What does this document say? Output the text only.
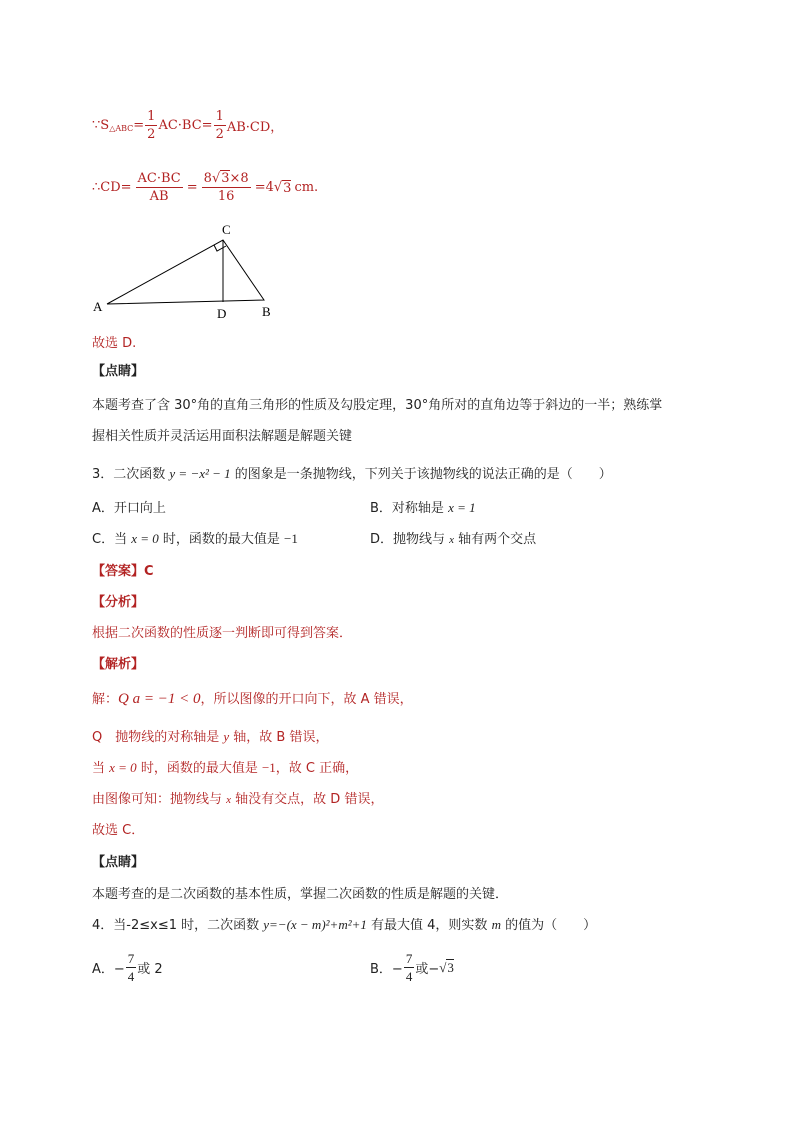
∵S △ABC = $\frac{1}{2} AC\cdot BC= \frac{1}{2} AB\cdot CD$，
∴CD= $\frac{AC\cdot BC}{AB} = \frac{8√3\times 8}{16} =4$ √ 3 cm.
A
C
D	B
故选 D.
【点睛】
本题考查了含 30°角的直角三角形的性质及勾股定理，30°角所对的直角边等于斜边的一半；熟练掌
握相关性质并灵活运用面积法解题是解题关键
3．二次函数 y = −x² − 1 的图象是一条抛物线，下列关于该抛物线的说法正确的是（　　）
A．开口向上	B．对称轴是 x = 1
C．当 x = 0 时，函数的最大值是 −1	D．抛物线与 x 轴有两个交点
【答案】C
【分析】
根据二次函数的性质逐一判断即可得到答案．
【解析】
解：Q a = −1 < 0，所以图像的开口向下，故 A 错误，
Q　抛物线的对称轴是 y 轴，故 B 错误，
当 x = 0 时，函数的最大值是 −1，故 C 正确，
由图像可知：抛物线与 x 轴没有交点，故 D 错误，
故选 C．
【点睛】
本题考查的是二次函数的基本性质，掌握二次函数的性质是解题的关键．
4．当-2≤x≤1 时，二次函数 y=−(x − m)²+m²+1 有最大值 4，则实数 m 的值为（　　）
A．− $\frac{7}{4}$ 或 2	B．− $\frac{7}{4}$ 或− √ 3
